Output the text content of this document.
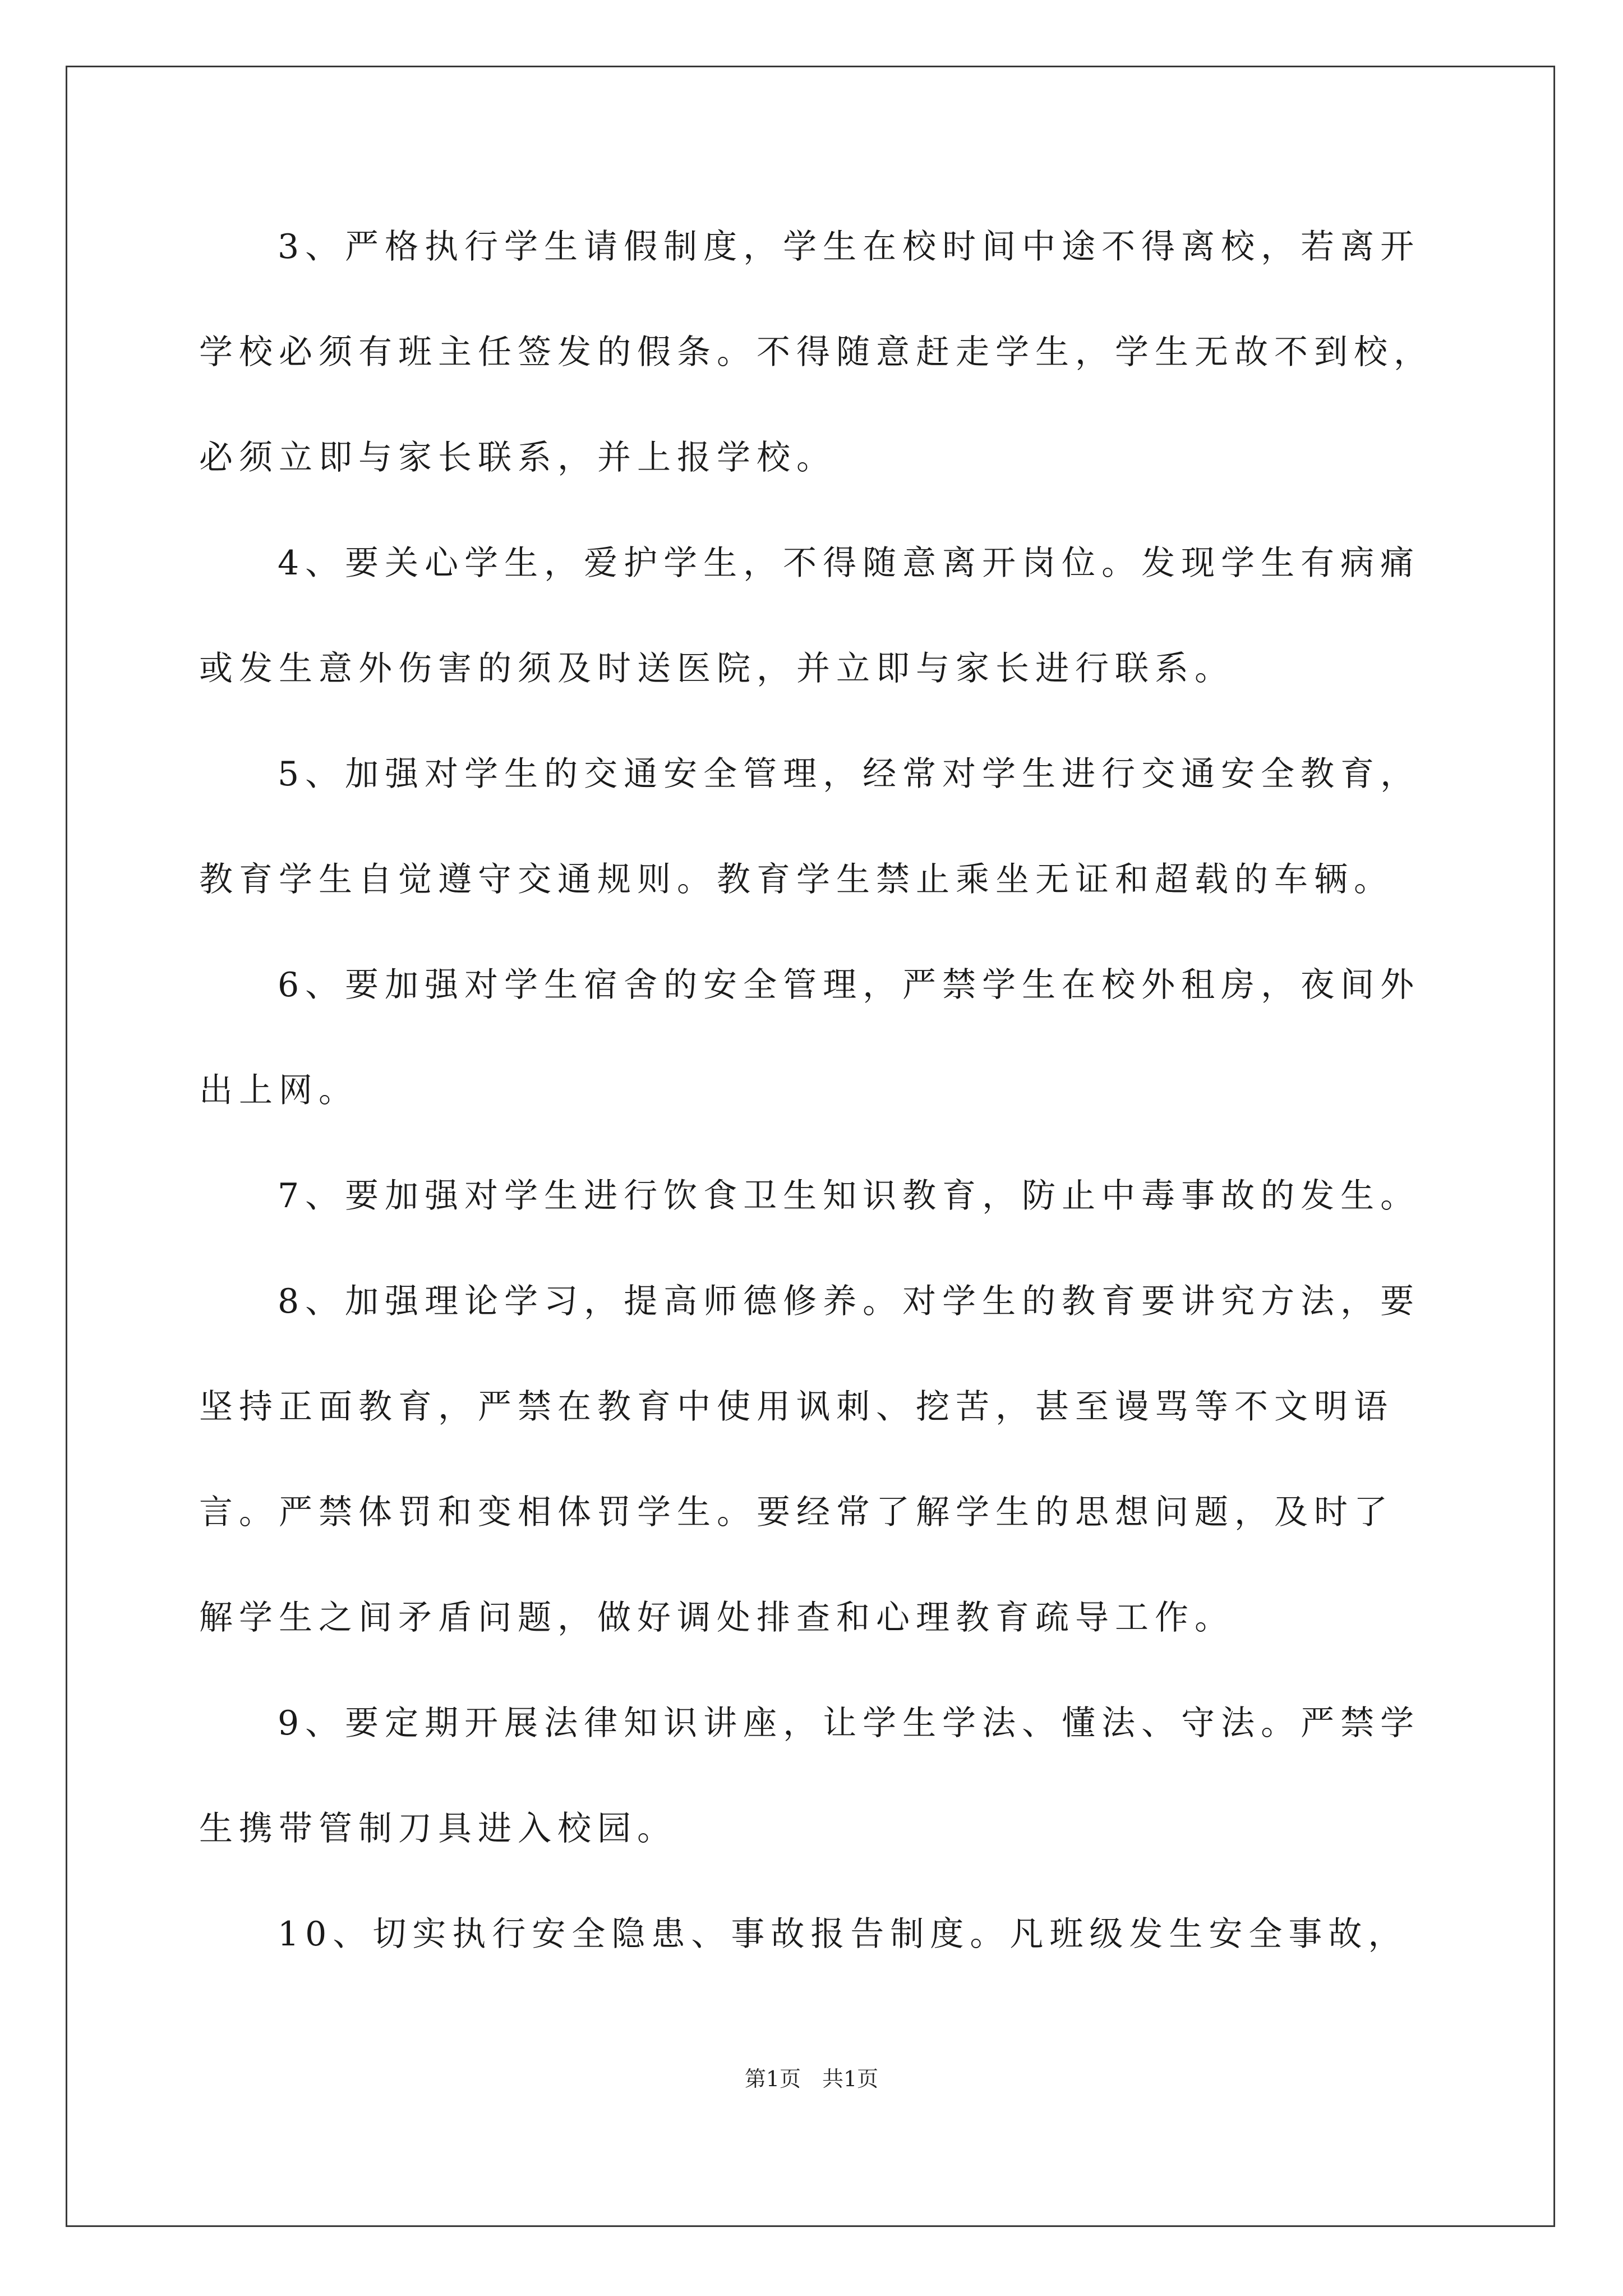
3、严格执行学生请假制度，学生在校时间中途不得离校，若离开
学校必须有班主任签发的假条。不得随意赶走学生，学生无故不到校，
必须立即与家长联系，并上报学校。
4、要关心学生，爱护学生，不得随意离开岗位。发现学生有病痛
或发生意外伤害的须及时送医院，并立即与家长进行联系。
5、加强对学生的交通安全管理，经常对学生进行交通安全教育，
教育学生自觉遵守交通规则。教育学生禁止乘坐无证和超载的车辆。
6、要加强对学生宿舍的安全管理，严禁学生在校外租房，夜间外
出上网。
7、要加强对学生进行饮食卫生知识教育，防止中毒事故的发生。
8、加强理论学习，提高师德修养。对学生的教育要讲究方法，要
坚持正面教育，严禁在教育中使用讽刺、挖苦，甚至谩骂等不文明语
言。严禁体罚和变相体罚学生。要经常了解学生的思想问题，及时了
解学生之间矛盾问题，做好调处排查和心理教育疏导工作。
9、要定期开展法律知识讲座，让学生学法、懂法、守法。严禁学
生携带管制刀具进入校园。
10、切实执行安全隐患、事故报告制度。凡班级发生安全事故，
第1页　共1页
